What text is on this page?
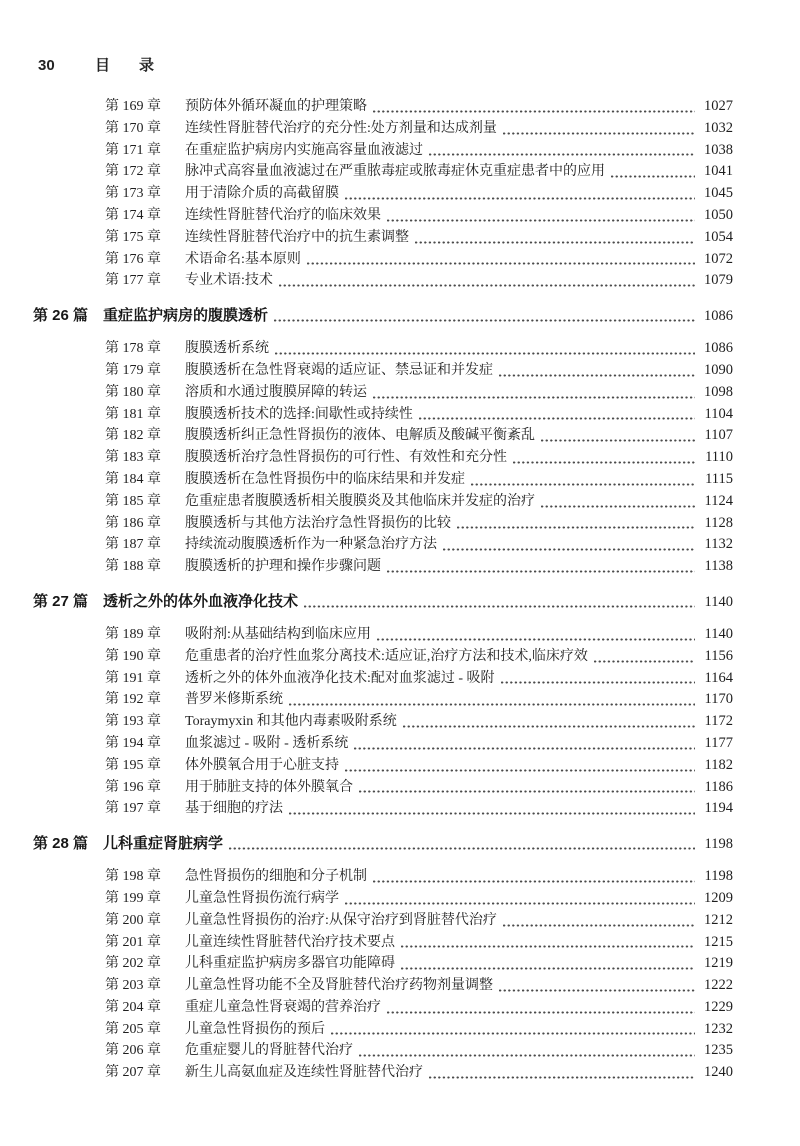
30	目　录
第 169 章	预防体外循环凝血的护理策略	1027
第 170 章	连续性肾脏替代治疗的充分性:处方剂量和达成剂量	1032
第 171 章	在重症监护病房内实施高容量血液滤过	1038
第 172 章	脉冲式高容量血液滤过在严重脓毒症或脓毒症休克重症患者中的应用	1041
第 173 章	用于清除介质的高截留膜	1045
第 174 章	连续性肾脏替代治疗的临床效果	1050
第 175 章	连续性肾脏替代治疗中的抗生素调整	1054
第 176 章	术语命名:基本原则	1072
第 177 章	专业术语:技术	1079
第 26 篇 重症监护病房的腹膜透析	1086
第 178 章	腹膜透析系统	1086
第 179 章	腹膜透析在急性肾衰竭的适应证、禁忌证和并发症	1090
第 180 章	溶质和水通过腹膜屏障的转运	1098
第 181 章	腹膜透析技术的选择:间歇性或持续性	1104
第 182 章	腹膜透析纠正急性肾损伤的液体、电解质及酸碱平衡紊乱	1107
第 183 章	腹膜透析治疗急性肾损伤的可行性、有效性和充分性	1110
第 184 章	腹膜透析在急性肾损伤中的临床结果和并发症	1115
第 185 章	危重症患者腹膜透析相关腹膜炎及其他临床并发症的治疗	1124
第 186 章	腹膜透析与其他方法治疗急性肾损伤的比较	1128
第 187 章	持续流动腹膜透析作为一种紧急治疗方法	1132
第 188 章	腹膜透析的护理和操作步骤问题	1138
第 27 篇 透析之外的体外血液净化技术	1140
第 189 章	吸附剂:从基础结构到临床应用	1140
第 190 章	危重患者的治疗性血浆分离技术:适应证,治疗方法和技术,临床疗效	1156
第 191 章	透析之外的体外血液净化技术:配对血浆滤过 - 吸附	1164
第 192 章	普罗米修斯系统	1170
第 193 章	Toraymyxin 和其他内毒素吸附系统	1172
第 194 章	血浆滤过 - 吸附 - 透析系统	1177
第 195 章	体外膜氧合用于心脏支持	1182
第 196 章	用于肺脏支持的体外膜氧合	1186
第 197 章	基于细胞的疗法	1194
第 28 篇 儿科重症肾脏病学	1198
第 198 章	急性肾损伤的细胞和分子机制	1198
第 199 章	儿童急性肾损伤流行病学	1209
第 200 章	儿童急性肾损伤的治疗:从保守治疗到肾脏替代治疗	1212
第 201 章	儿童连续性肾脏替代治疗技术要点	1215
第 202 章	儿科重症监护病房多器官功能障碍	1219
第 203 章	儿童急性肾功能不全及肾脏替代治疗药物剂量调整	1222
第 204 章	重症儿童急性肾衰竭的营养治疗	1229
第 205 章	儿童急性肾损伤的预后	1232
第 206 章	危重症婴儿的肾脏替代治疗	1235
第 207 章	新生儿高氨血症及连续性肾脏替代治疗	1240
